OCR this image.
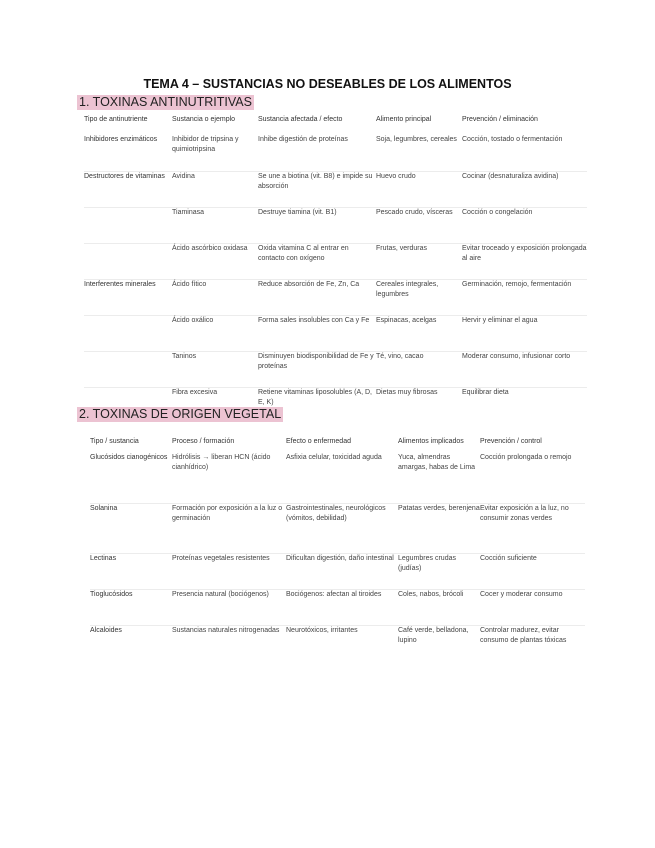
TEMA 4 – SUSTANCIAS NO DESEABLES DE LOS ALIMENTOS
1. TOXINAS ANTINUTRITIVAS
Tipo de antinutriente	Sustancia o ejemplo	Sustancia afectada / efecto	Alimento principal	Prevención / eliminación
Inhibidores enzimáticos	Inhibidor de tripsina y quimiotripsina	Inhibe digestión de proteínas	Soja, legumbres, cereales	Cocción, tostado o fermentación
Destructores de vitaminas	Avidina	Se une a biotina (vit. B8) e impide su absorción	Huevo crudo	Cocinar (desnaturaliza avidina)
	Tiaminasa	Destruye tiamina (vit. B1)	Pescado crudo, vísceras	Cocción o congelación
	Ácido ascórbico oxidasa	Oxida vitamina C al entrar en contacto con oxígeno	Frutas, verduras	Evitar troceado y exposición prolongada al aire
Interferentes minerales	Ácido fítico	Reduce absorción de Fe, Zn, Ca	Cereales integrales, legumbres	Germinación, remojo, fermentación
	Ácido oxálico	Forma sales insolubles con Ca y Fe	Espinacas, acelgas	Hervir y eliminar el agua
	Taninos	Disminuyen biodisponibilidad de Fe y proteínas	Té, vino, cacao	Moderar consumo, infusionar corto
	Fibra excesiva	Retiene vitaminas liposolubles (A, D, E, K)	Dietas muy fibrosas	Equilibrar dieta
2. TOXINAS DE ORIGEN VEGETAL
Tipo / sustancia	Proceso / formación	Efecto o enfermedad	Alimentos implicados	Prevención / control

Glucósidos cianogénicos	Hidrólisis → liberan HCN (ácido cianhídrico)	Asfixia celular, toxicidad aguda	Yuca, almendras amargas, habas de Lima	Cocción prolongada o remojo
Solanina	Formación por exposición a la luz o germinación	Gastrointestinales, neurológicos (vómitos, debilidad)	Patatas verdes, berenjena	Evitar exposición a la luz, no consumir zonas verdes
Lectinas	Proteínas vegetales resistentes	Dificultan digestión, daño intestinal	Legumbres crudas (judías)	Cocción suficiente
Tioglucósidos	Presencia natural (bociógenos)	Bociógenos: afectan al tiroides	Coles, nabos, brócoli	Cocer y moderar consumo
Alcaloides	Sustancias naturales nitrogenadas	Neurotóxicos, irritantes	Café verde, belladona, lupino	Controlar madurez, evitar consumo de plantas tóxicas
